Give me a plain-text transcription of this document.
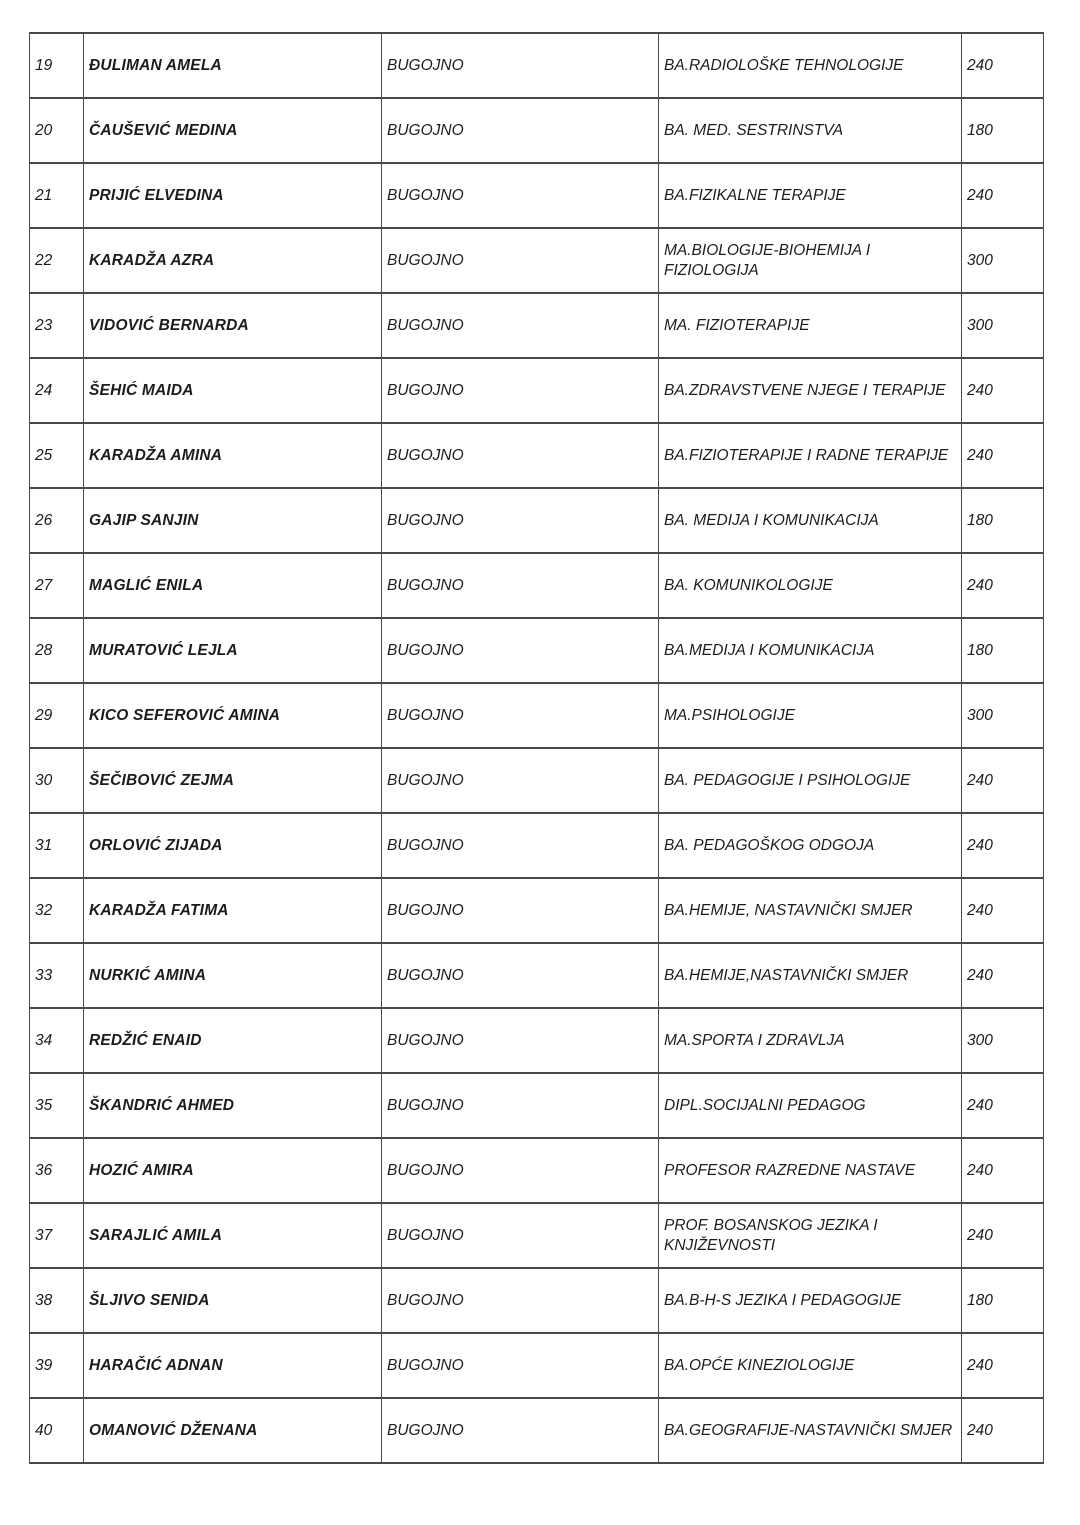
19	ĐULIMAN AMELA	BUGOJNO	BA.RADIOLOŠKE TEHNOLOGIJE	240
20	ČAUŠEVIĆ MEDINA	BUGOJNO	BA. MED. SESTRINSTVA	180
21	PRIJIĆ ELVEDINA	BUGOJNO	BA.FIZIKALNE TERAPIJE	240
22	KARADŽA AZRA	BUGOJNO	MA.BIOLOGIJE-BIOHEMIJA I FIZIOLOGIJA	300
23	VIDOVIĆ BERNARDA	BUGOJNO	MA. FIZIOTERAPIJE	300
24	ŠEHIĆ MAIDA	BUGOJNO	BA.ZDRAVSTVENE NJEGE I TERAPIJE	240
25	KARADŽA AMINA	BUGOJNO	BA.FIZIOTERAPIJE I RADNE TERAPIJE	240
26	GAJIP SANJIN	BUGOJNO	BA. MEDIJA I KOMUNIKACIJA	180
27	MAGLIĆ ENILA	BUGOJNO	BA. KOMUNIKOLOGIJE	240
28	MURATOVIĆ LEJLA	BUGOJNO	BA.MEDIJA I KOMUNIKACIJA	180
29	KICO SEFEROVIĆ AMINA	BUGOJNO	MA.PSIHOLOGIJE	300
30	ŠEČIBOVIĆ ZEJMA	BUGOJNO	BA. PEDAGOGIJE I PSIHOLOGIJE	240
31	ORLOVIĆ ZIJADA	BUGOJNO	BA. PEDAGOŠKOG ODGOJA	240
32	KARADŽA FATIMA	BUGOJNO	BA.HEMIJE, NASTAVNIČKI SMJER	240
33	NURKIĆ AMINA	BUGOJNO	BA.HEMIJE,NASTAVNIČKI SMJER	240
34	REDŽIĆ ENAID	BUGOJNO	MA.SPORTA I ZDRAVLJA	300
35	ŠKANDRIĆ AHMED	BUGOJNO	DIPL.SOCIJALNI PEDAGOG	240
36	HOZIĆ AMIRA	BUGOJNO	PROFESOR RAZREDNE NASTAVE	240
37	SARAJLIĆ AMILA	BUGOJNO	PROF. BOSANSKOG JEZIKA I KNJIŽEVNOSTI	240
38	ŠLJIVO SENIDA	BUGOJNO	BA.B-H-S JEZIKA I PEDAGOGIJE	180
39	HARAČIĆ ADNAN	BUGOJNO	BA.OPĆE KINEZIOLOGIJE	240
40	OMANOVIĆ DŽENANA	BUGOJNO	BA.GEOGRAFIJE-NASTAVNIČKI SMJER	240
